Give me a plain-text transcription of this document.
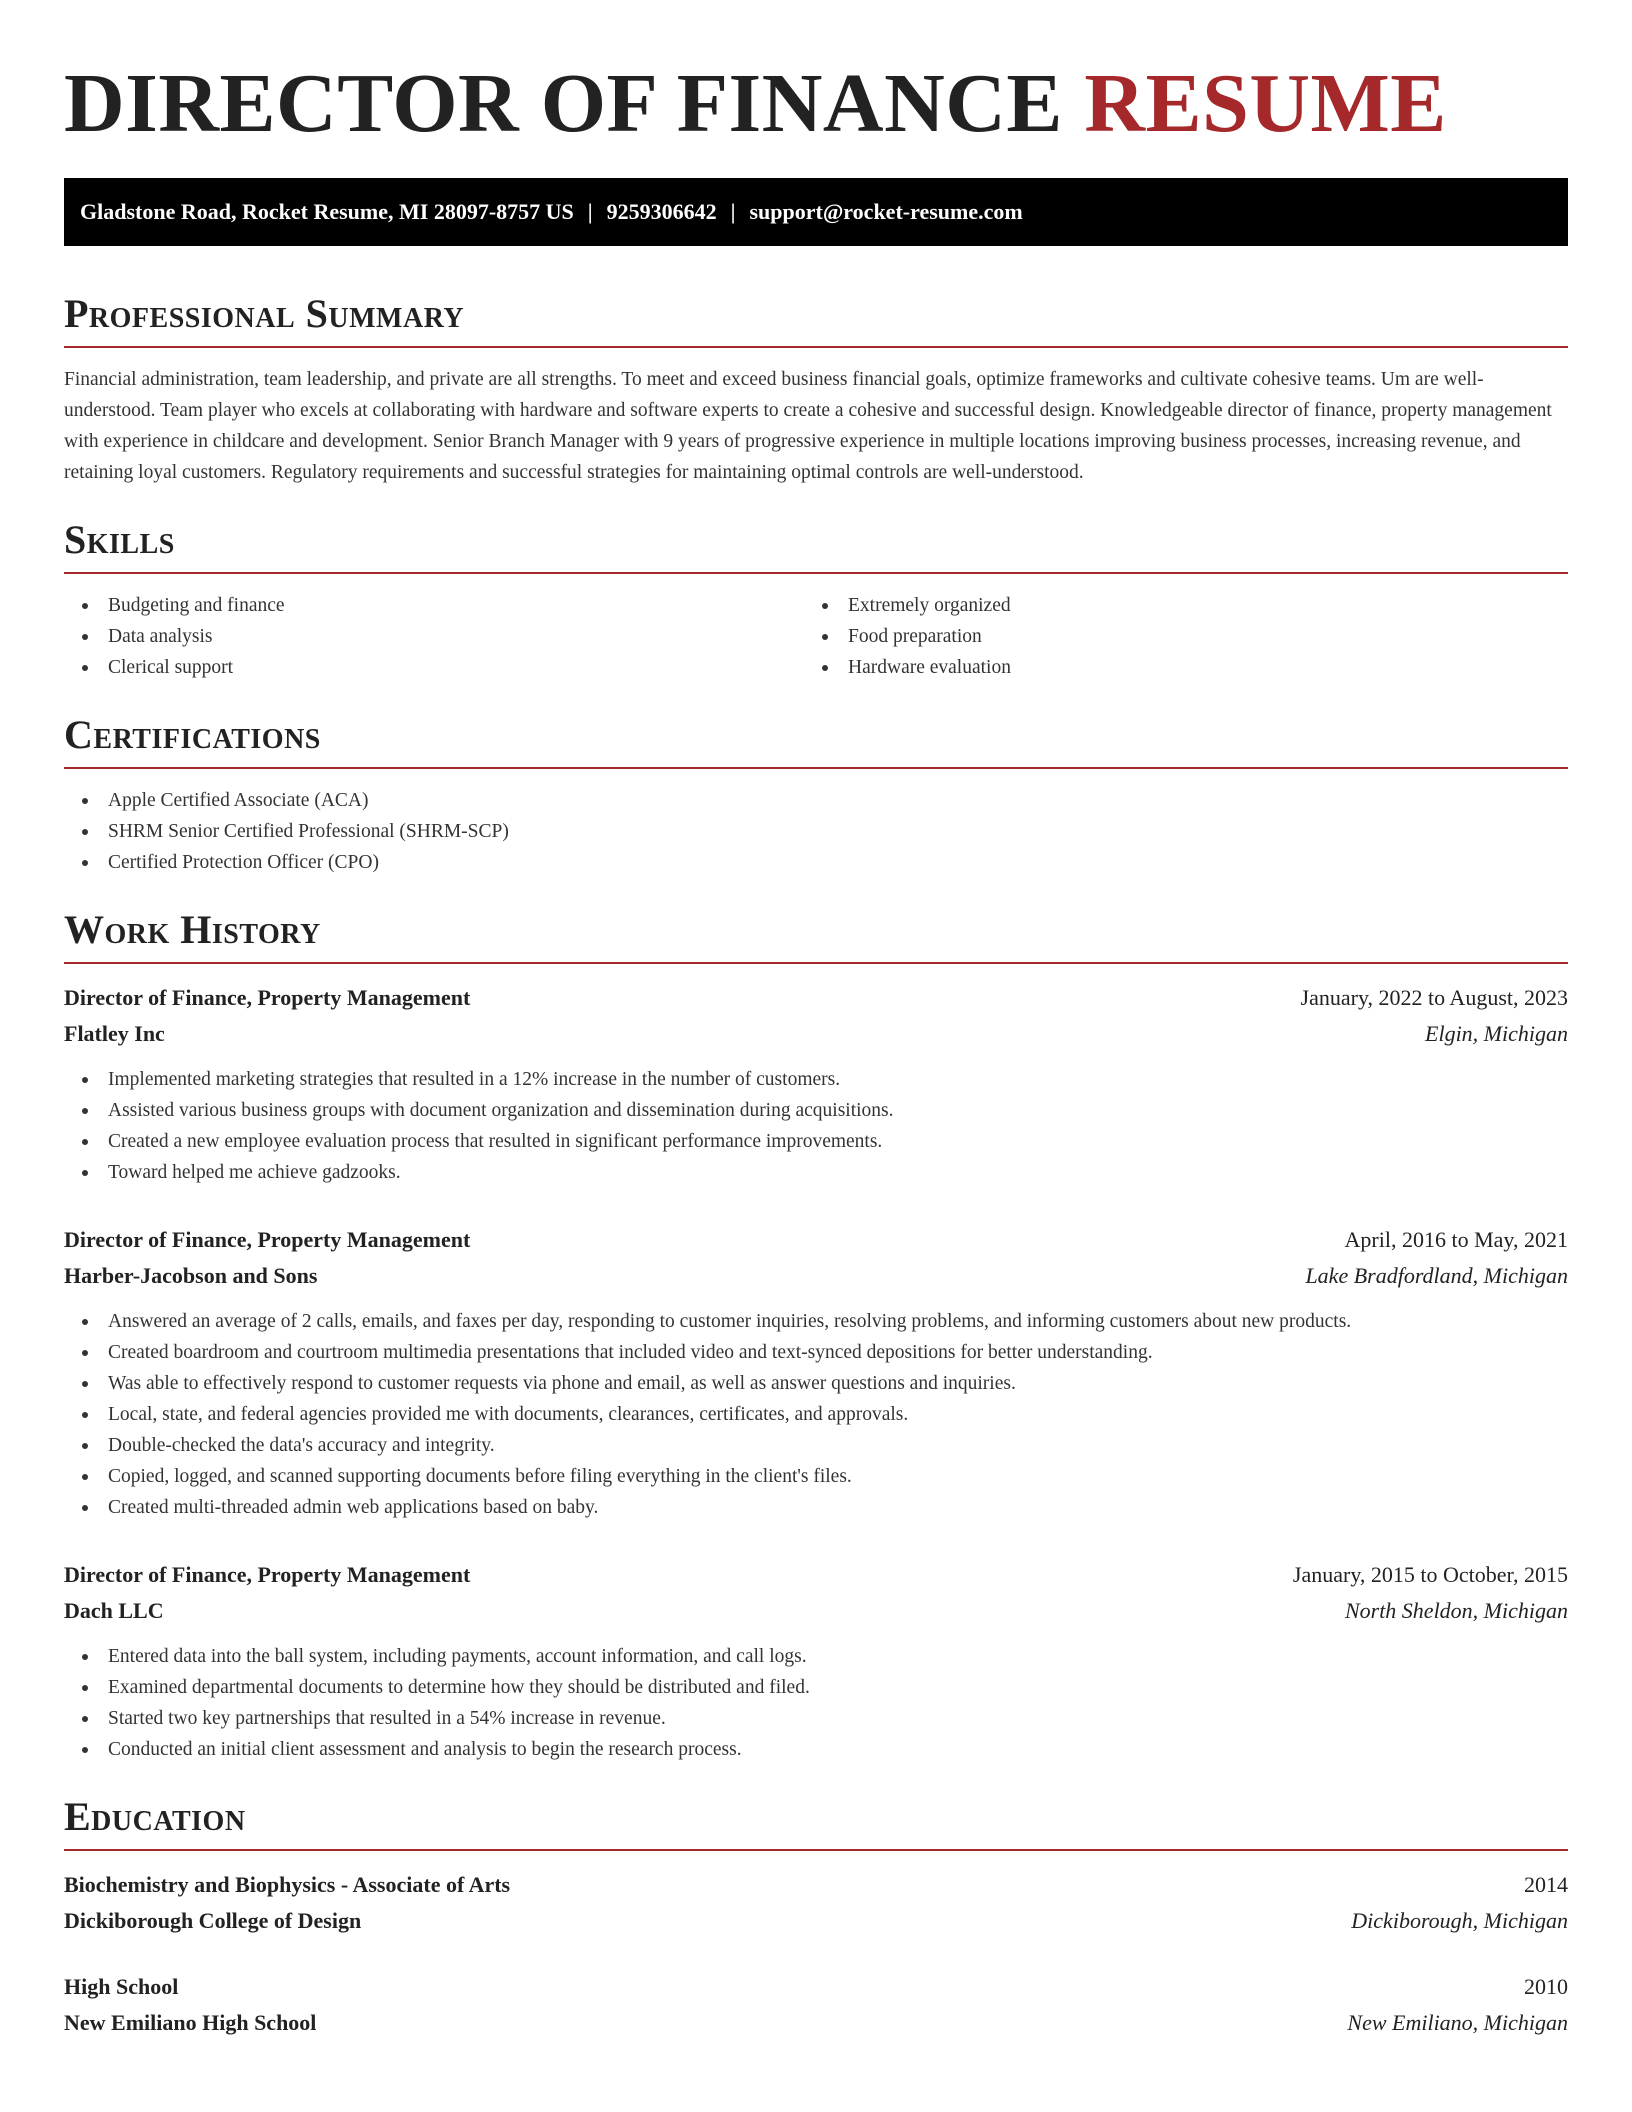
DIRECTOR OF FINANCE RESUME
Gladstone Road, Rocket Resume, MI 28097-8757 US | 9259306642 | support@rocket-resume.com
Professional Summary

Financial administration, team leadership, and private are all strengths. To meet and exceed business financial goals, optimize frameworks and cultivate cohesive teams. Um are well-understood. Team player who excels at collaborating with hardware and software experts to create a cohesive and successful design. Knowledgeable director of finance, property management with experience in childcare and development. Senior Branch Manager with 9 years of progressive experience in multiple locations improving business processes, increasing revenue, and retaining loyal customers. Regulatory requirements and successful strategies for maintaining optimal controls are well-understood.

Skills
Budgeting and finance
Data analysis
Clerical support
Extremely organized
Food preparation
Hardware evaluation
Certifications
Apple Certified Associate (ACA)
SHRM Senior Certified Professional (SHRM-SCP)
Certified Protection Officer (CPO)
Work History
Director of Finance, Property Management	January, 2022 to August, 2023
Flatley Inc	Elgin, Michigan
Implemented marketing strategies that resulted in a 12% increase in the number of customers.
Assisted various business groups with document organization and dissemination during acquisitions.
Created a new employee evaluation process that resulted in significant performance improvements.
Toward helped me achieve gadzooks.
Director of Finance, Property Management	April, 2016 to May, 2021
Harber-Jacobson and Sons	Lake Bradfordland, Michigan
Answered an average of 2 calls, emails, and faxes per day, responding to customer inquiries, resolving problems, and informing customers about new products.
Created boardroom and courtroom multimedia presentations that included video and text-synced depositions for better understanding.
Was able to effectively respond to customer requests via phone and email, as well as answer questions and inquiries.
Local, state, and federal agencies provided me with documents, clearances, certificates, and approvals.
Double-checked the data's accuracy and integrity.
Copied, logged, and scanned supporting documents before filing everything in the client's files.
Created multi-threaded admin web applications based on baby.
Director of Finance, Property Management	January, 2015 to October, 2015
Dach LLC	North Sheldon, Michigan
Entered data into the ball system, including payments, account information, and call logs.
Examined departmental documents to determine how they should be distributed and filed.
Started two key partnerships that resulted in a 54% increase in revenue.
Conducted an initial client assessment and analysis to begin the research process.
Education
Biochemistry and Biophysics - Associate of Arts	2014
Dickiborough College of Design	Dickiborough, Michigan
High School	2010
New Emiliano High School	New Emiliano, Michigan
